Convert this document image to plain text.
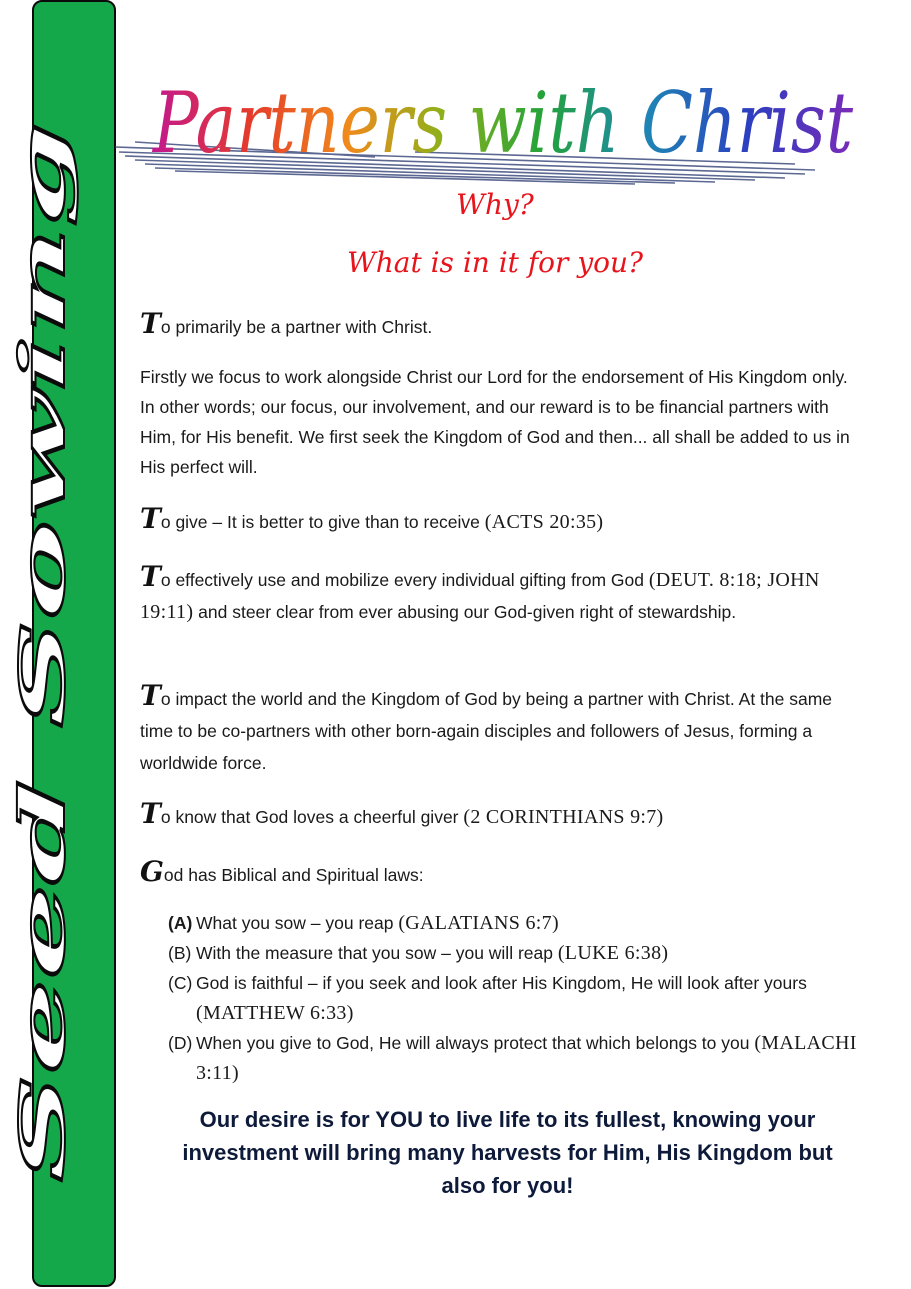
Seed Sowing
Partners with Christ
Why?
What is in it for you?
To primarily be a partner with Christ.
Firstly we focus to work alongside Christ our Lord for the endorsement of His Kingdom only. In other words; our focus, our involvement, and our reward is to be financial partners with Him, for His benefit. We first seek the Kingdom of God and then... all shall be added to us in His perfect will.
To give – It is better to give than to receive (ACTS 20:35)
To effectively use and mobilize every individual gifting from God (DEUT. 8:18; JOHN 19:11) and steer clear from ever abusing our God-given right of stewardship.
To impact the world and the Kingdom of God by being a partner with Christ. At the same time to be co-partners with other born-again disciples and followers of Jesus, forming a worldwide force.
To know that God loves a cheerful giver (2 CORINTHIANS 9:7)
God has Biblical and Spiritual laws:
(A) What you sow – you reap (GALATIANS 6:7)
(B) With the measure that you sow – you will reap (LUKE 6:38)
(C) God is faithful – if you seek and look after His Kingdom, He will look after yours (MATTHEW 6:33)
(D) When you give to God, He will always protect that which belongs to you (MALACHI 3:11)
Our desire is for YOU to live life to its fullest, knowing your investment will bring many harvests for Him, His Kingdom but also for you!
